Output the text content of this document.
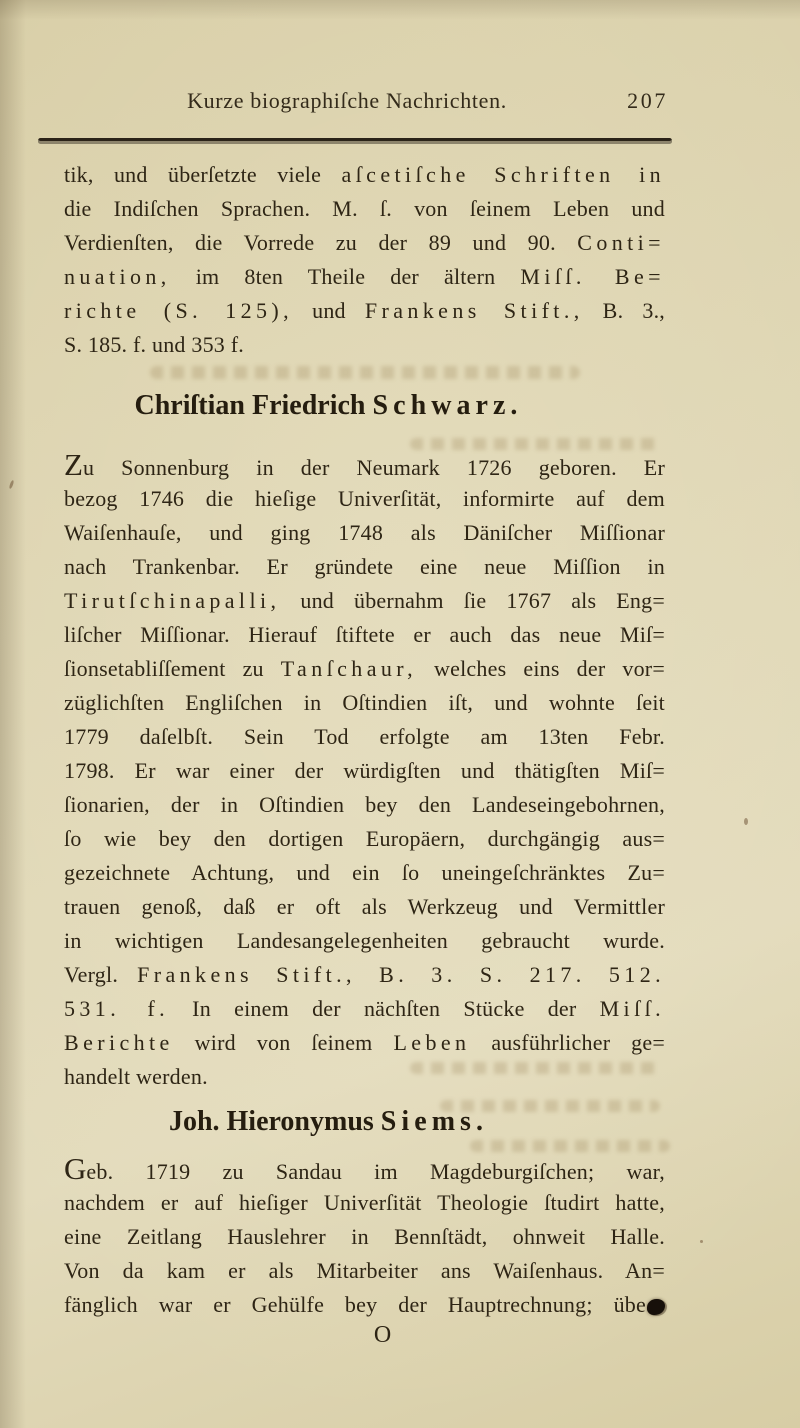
Kurze biographiſche Nachrichten.	207
tik, und überſetzte viele aſcetiſche Schriften in
die Indiſchen Sprachen. M. ſ. von ſeinem Leben und
Verdienſten, die Vorrede zu der 89 und 90. Conti=
nuation, im 8ten Theile der ältern Miſſ. Be=
richte (S. 125), und Frankens Stift., B. 3.,
S. 185. f. und 353 f.
Chriſtian Friedrich Schwarz.
Zu Sonnenburg in der Neumark 1726 geboren. Er
bezog 1746 die hieſige Univerſität, informirte auf dem
Waiſenhauſe, und ging 1748 als Däniſcher Miſſionar
nach Trankenbar. Er gründete eine neue Miſſion in
Tirutſchinapalli, und übernahm ſie 1767 als Eng=
liſcher Miſſionar. Hierauf ſtiftete er auch das neue Miſ=
ſionsetabliſſement zu Tanſchaur, welches eins der vor=
züglichſten Engliſchen in Oſtindien iſt, und wohnte ſeit
1779 daſelbſt. Sein Tod erfolgte am 13ten Febr.
1798. Er war einer der würdigſten und thätigſten Miſ=
ſionarien, der in Oſtindien bey den Landeseingebohrnen,
ſo wie bey den dortigen Europäern, durchgängig aus=
gezeichnete Achtung, und ein ſo uneingeſchränktes Zu=
trauen genoß, daß er oft als Werkzeug und Vermittler
in wichtigen Landesangelegenheiten gebraucht wurde.
Vergl. Frankens Stift., B. 3. S. 217. 512.
531. f. In einem der nächſten Stücke der Miſſ.
Berichte wird von ſeinem Leben ausführlicher ge=
handelt werden.
Joh. Hieronymus Siems.
Geb. 1719 zu Sandau im Magdeburgiſchen; war,
nachdem er auf hieſiger Univerſität Theologie ſtudirt hatte,
eine Zeitlang Hauslehrer in Bennſtädt, ohnweit Halle.
Von da kam er als Mitarbeiter ans Waiſenhaus. An=
fänglich war er Gehülfe bey der Hauptrechnung; übe
O
